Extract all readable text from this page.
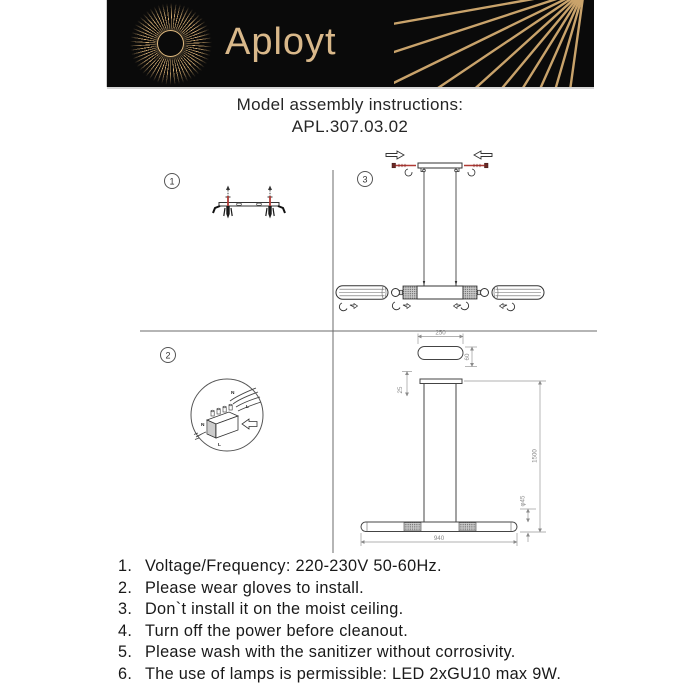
Aployt
Model assembly instructions:
APL.307.03.02
1	3
2
N
L
N
L
250
60
25
940
1500
φ45
1. Voltage/Frequency: 220-230V 50-60Hz.
2. Please wear gloves to install.
3. Don`t install it on the moist ceiling.
4. Turn off the power before cleanout.
5. Please wash with the sanitizer without corrosivity.
6. The use of lamps is permissible: LED 2xGU10 max 9W.
